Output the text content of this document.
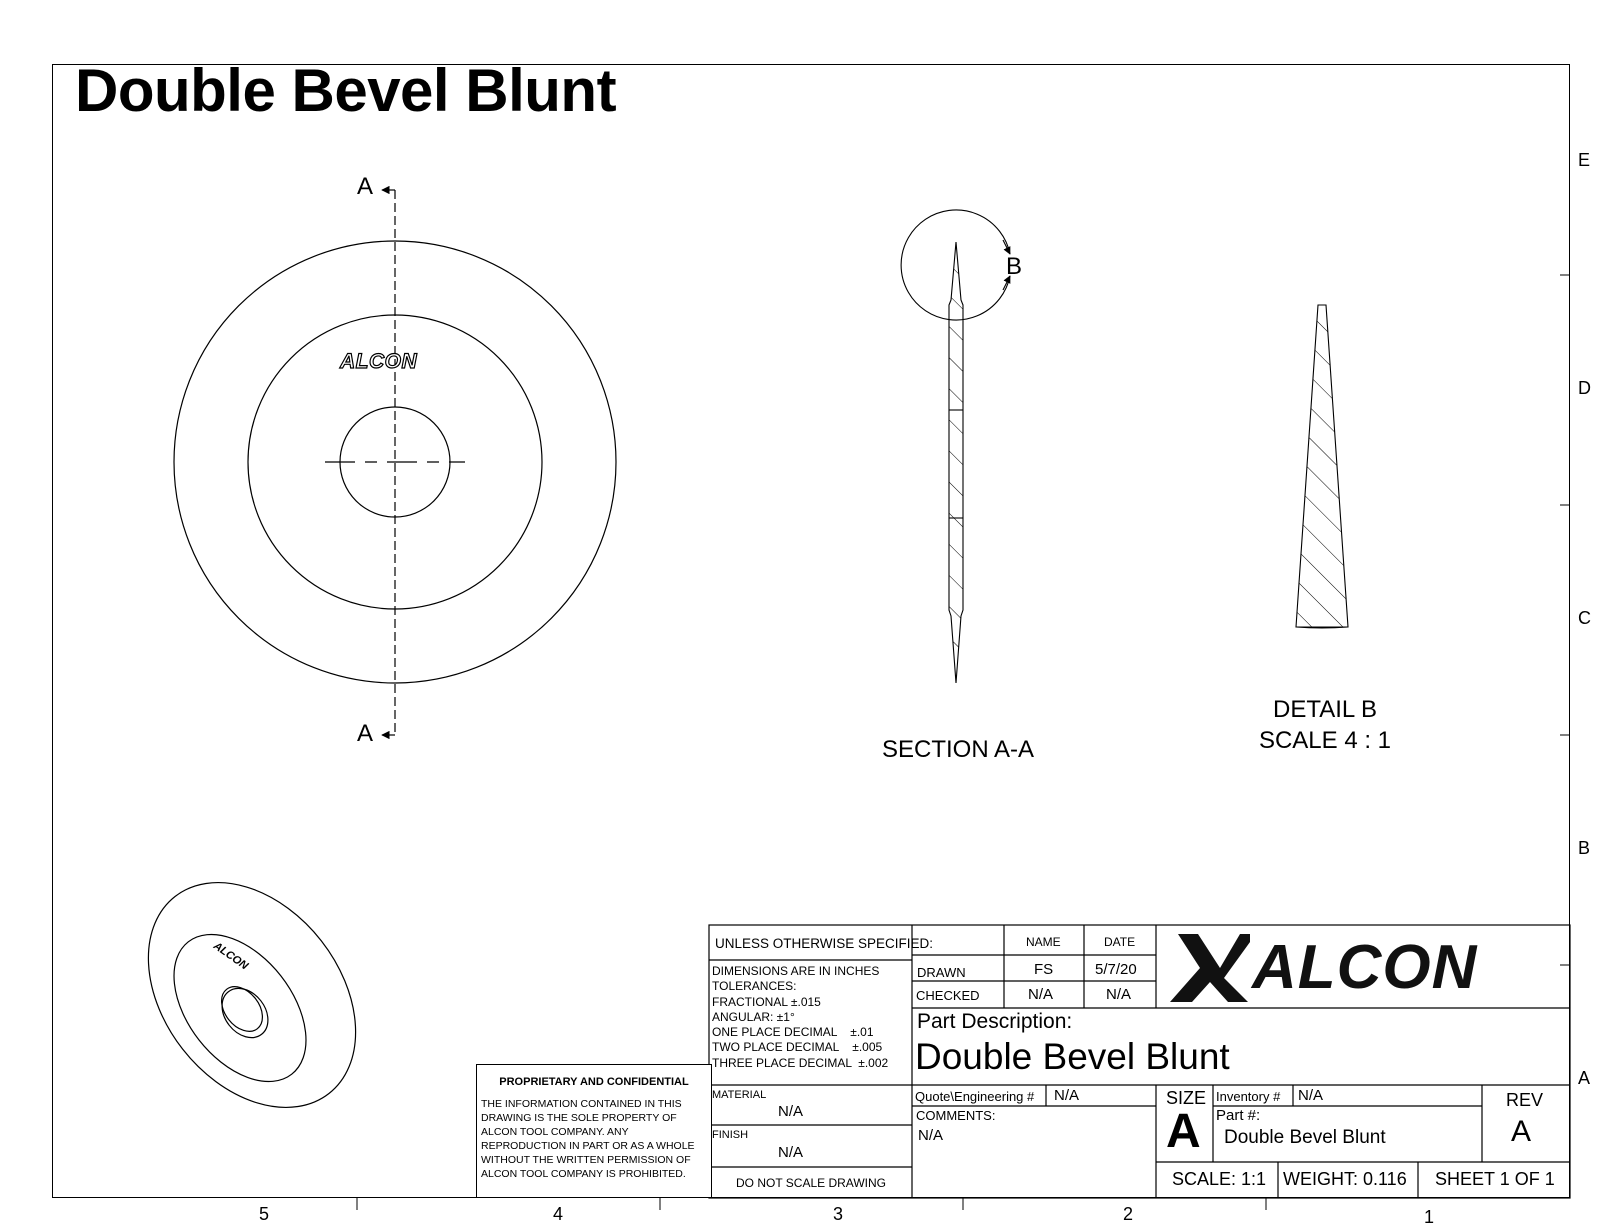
Double Bevel Blunt
E
D
C
B
A
5	4	3	2	1
A
A
B
SECTION A-A
DETAIL B
SCALE 4 : 1
ALCON
ALCON
PROPRIETARY AND CONFIDENTIAL
THE INFORMATION CONTAINED IN THIS
DRAWING IS THE SOLE PROPERTY OF
ALCON TOOL COMPANY. ANY
REPRODUCTION IN PART OR AS A WHOLE
WITHOUT THE WRITTEN PERMISSION OF
ALCON TOOL COMPANY IS PROHIBITED.
UNLESS OTHERWISE SPECIFIED:
DIMENSIONS ARE IN INCHES
TOLERANCES:
FRACTIONAL ±.015
ANGULAR: ±1°
ONE PLACE DECIMAL    ±.01
TWO PLACE DECIMAL    ±.005
THREE PLACE DECIMAL  ±.002
MATERIAL
N/A
FINISH
N/A
DO NOT SCALE DRAWING
NAME	DATE
DRAWN	FS	5/7/20
CHECKED	N/A	N/A ALCON
Part Description:
Double Bevel Blunt
Quote\Engineering # N/A
COMMENTS:
N/A
SIZE
A
Inventory # N/A
Part #:
Double Bevel Blunt
REV
A
SCALE: 1:1 WEIGHT: 0.116 SHEET 1 OF 1
